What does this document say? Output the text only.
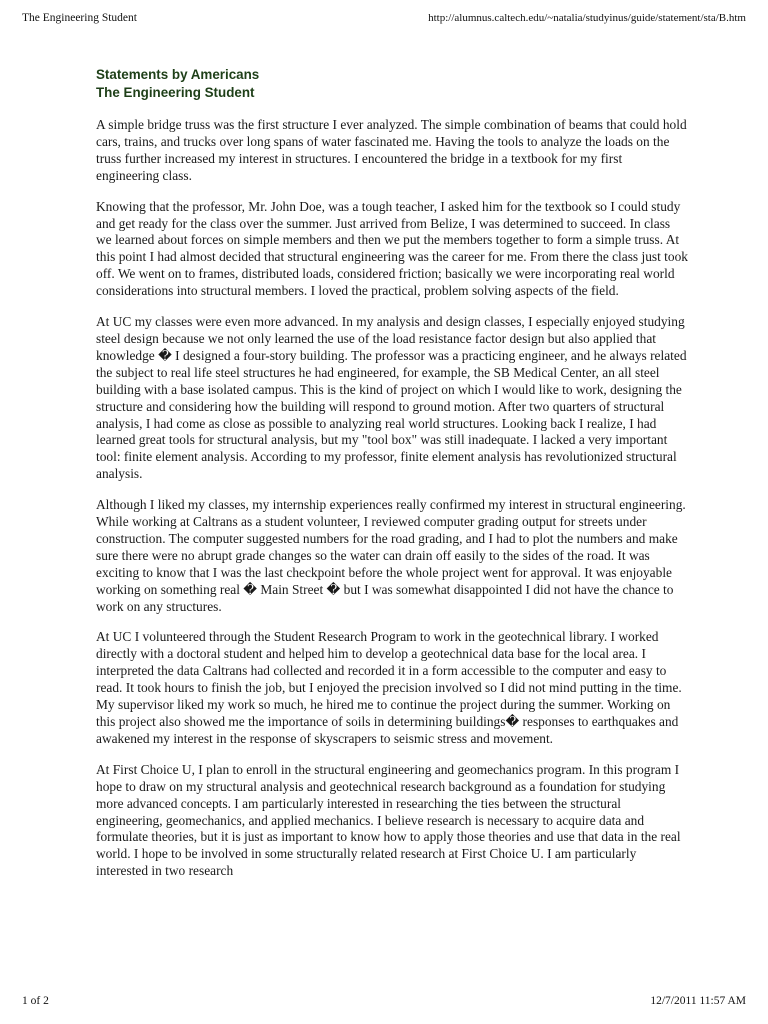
The Engineering Student	http://alumnus.caltech.edu/~natalia/studyinus/guide/statement/sta/B.htm
Statements by Americans
The Engineering Student

A simple bridge truss was the first structure I ever analyzed. The simple combination of beams that could hold cars, trains, and trucks over long spans of water fascinated me. Having the tools to analyze the loads on the truss further increased my interest in structures. I encountered the bridge in a textbook for my first engineering class.

Knowing that the professor, Mr. John Doe, was a tough teacher, I asked him for the textbook so I could study and get ready for the class over the summer. Just arrived from Belize, I was determined to succeed. In class we learned about forces on simple members and then we put the members together to form a simple truss. At this point I had almost decided that structural engineering was the career for me. From there the class just took off. We went on to frames, distributed loads, considered friction; basically we were incorporating real world considerations into structural members. I loved the practical, problem solving aspects of the field.

At UC my classes were even more advanced. In my analysis and design classes, I especially enjoyed studying steel design because we not only learned the use of the load resistance factor design but also applied that knowledge � I designed a four-story building. The professor was a practicing engineer, and he always related the subject to real life steel structures he had engineered, for example, the SB Medical Center, an all steel building with a base isolated campus. This is the kind of project on which I would like to work, designing the structure and considering how the building will respond to ground motion. After two quarters of structural analysis, I had come as close as possible to analyzing real world structures. Looking back I realize, I had learned great tools for structural analysis, but my "tool box" was still inadequate. I lacked a very important tool: finite element analysis. According to my professor, finite element analysis has revolutionized structural analysis.

Although I liked my classes, my internship experiences really confirmed my interest in structural engineering. While working at Caltrans as a student volunteer, I reviewed computer grading output for streets under construction. The computer suggested numbers for the road grading, and I had to plot the numbers and make sure there were no abrupt grade changes so the water can drain off easily to the sides of the road. It was exciting to know that I was the last checkpoint before the whole project went for approval. It was enjoyable working on something real � Main Street � but I was somewhat disappointed I did not have the chance to work on any structures.

At UC I volunteered through the Student Research Program to work in the geotechnical library. I worked directly with a doctoral student and helped him to develop a geotechnical data base for the local area. I interpreted the data Caltrans had collected and recorded it in a form accessible to the computer and easy to read. It took hours to finish the job, but I enjoyed the precision involved so I did not mind putting in the time. My supervisor liked my work so much, he hired me to continue the project during the summer. Working on this project also showed me the importance of soils in determining buildings� responses to earthquakes and awakened my interest in the response of skyscrapers to seismic stress and movement.

At First Choice U, I plan to enroll in the structural engineering and geomechanics program. In this program I hope to draw on my structural analysis and geotechnical research background as a foundation for studying more advanced concepts. I am particularly interested in researching the ties between the structural engineering, geomechanics, and applied mechanics. I believe research is necessary to acquire data and formulate theories, but it is just as important to know how to apply those theories and use that data in the real world. I hope to be involved in some structurally related research at First Choice U. I am particularly interested in two research

1 of 2	12/7/2011 11:57 AM
